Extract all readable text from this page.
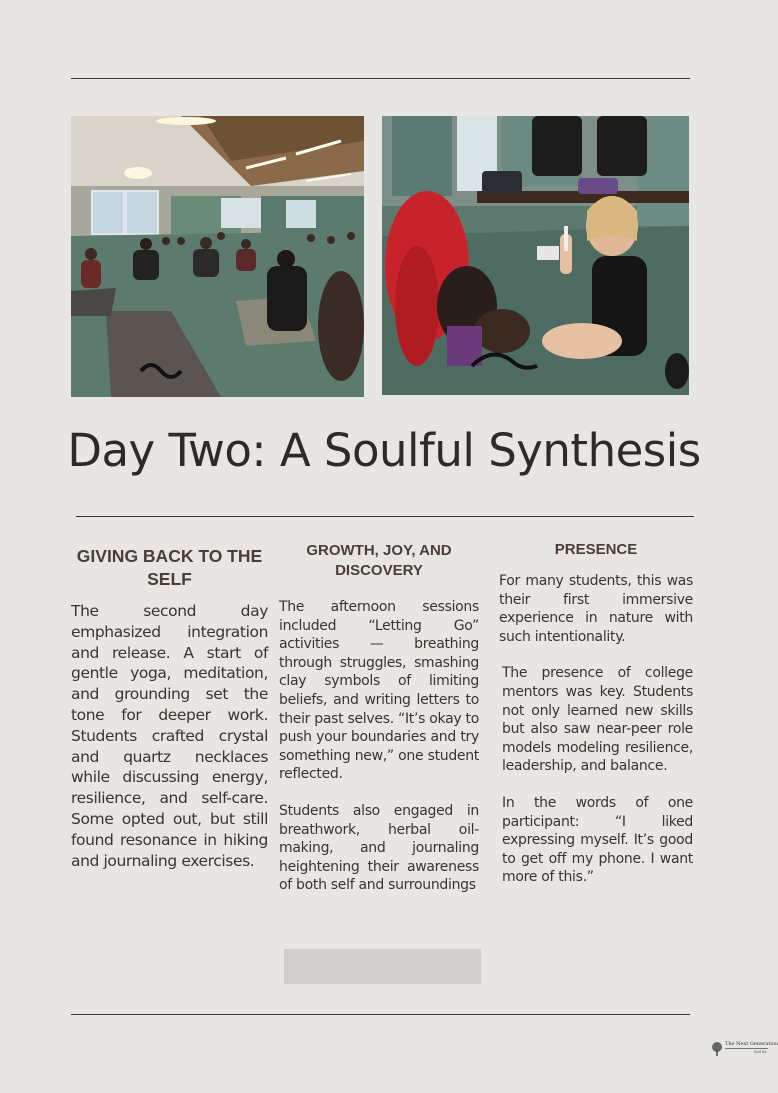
Day Two: A Soulful Synthesis
GIVING BACK TO THE SELF

The second day emphasized integration and release. A start of gentle yoga, meditation, and grounding set the tone for deeper work. Students crafted crystal and quartz necklaces while discussing energy, resilience, and self-care. Some opted out, but still found resonance in hiking and journaling exercises.

GROWTH, JOY, AND DISCOVERY

The afternoon sessions included “Letting Go” activities — breathing through struggles, smashing clay symbols of limiting beliefs, and writing letters to their past selves. “It’s okay to push your boundaries and try something new,” one student reflected.

Students also engaged in breathwork, herbal oil-making, and journaling heightening their awareness of both self and surroundings

PRESENCE

For many students, this was their first immersive experience in nature with such intentionality.

The presence of college mentors was key. Students not only learned new skills but also saw near-peer role models modeling resilience, leadership, and balance.

In the words of one participant: “I liked expressing myself. It’s good to get off my phone. I want more of this.”

The Next Generation
Sud Sa
